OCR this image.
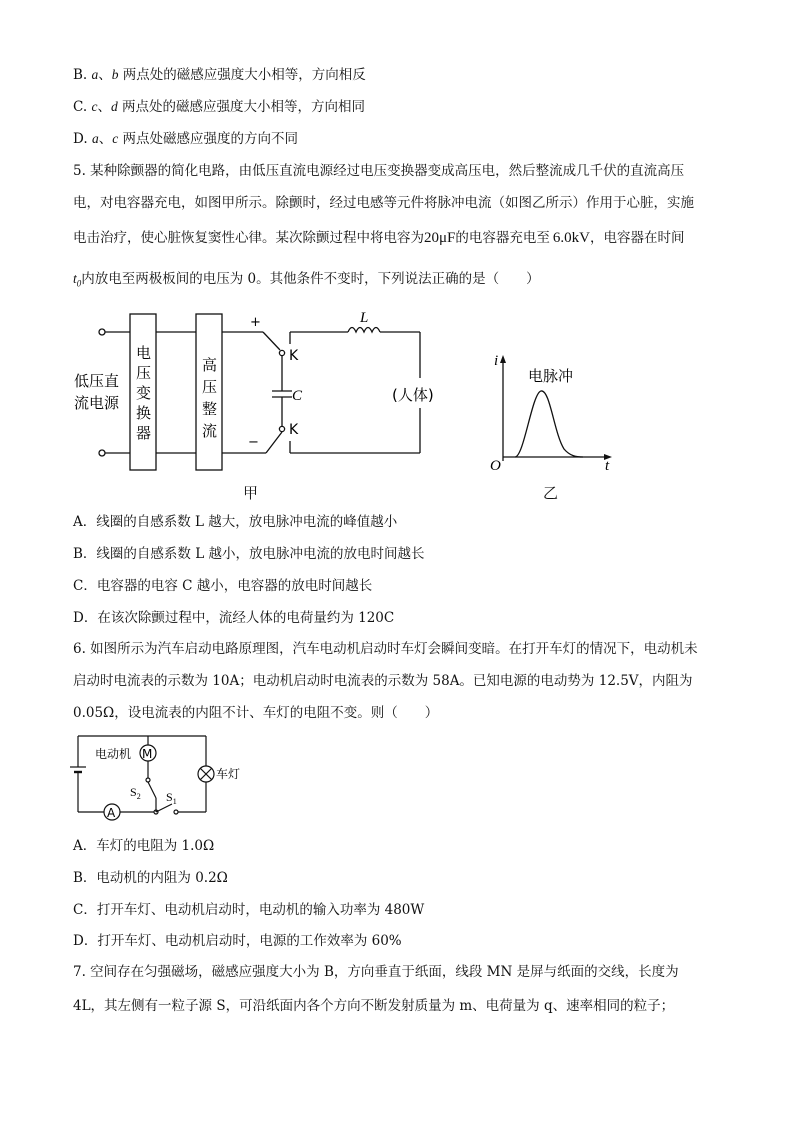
B. a、b 两点处的磁感应强度大小相等，方向相反
C. c、d 两点处的磁感应强度大小相等，方向相同
D. a、c 两点处磁感应强度的方向不同
5. 某种除颤器的简化电路，由低压直流电源经过电压变换器变成高压电，然后整流成几千伏的直流高压
电，对电容器充电，如图甲所示。除颤时，经过电感等元件将脉冲电流（如图乙所示）作用于心脏，实施
电击治疗，使心脏恢复窦性心律。某次除颤过程中将电容为20μF的电容器充电至 6.0kV，电容器在时间
$t_0$内放电至两极板间的电压为 0。其他条件不变时，下列说法正确的是（　　）
低压直
流电源
电
压
变
换
器
高
压
整
流
+
−
K
K
C
L
(人体)
甲
i
电脉冲
O	t
乙
A．线圈的自感系数 L 越大，放电脉冲电流的峰值越小
B．线圈的自感系数 L 越小，放电脉冲电流的放电时间越长
C．电容器的电容 C 越小，电容器的放电时间越长
D．在该次除颤过程中，流经人体的电荷量约为 120C
6. 如图所示为汽车启动电路原理图，汽车电动机启动时车灯会瞬间变暗。在打开车灯的情况下，电动机未
启动时电流表的示数为 10A；电动机启动时电流表的示数为 58A。已知电源的电动势为 12.5V，内阻为
0.05Ω，设电流表的内阻不计、车灯的电阻不变。则（　　）
M
A
电动机
车灯
$S_2$ $S_1$
A．车灯的电阻为 1.0Ω
B．电动机的内阻为 0.2Ω
C．打开车灯、电动机启动时，电动机的输入功率为 480W
D．打开车灯、电动机启动时，电源的工作效率为 60%
7. 空间存在匀强磁场，磁感应强度大小为 B，方向垂直于纸面，线段 MN 是屏与纸面的交线，长度为
4L，其左侧有一粒子源 S，可沿纸面内各个方向不断发射质量为 m、电荷量为 q、速率相同的粒子；
